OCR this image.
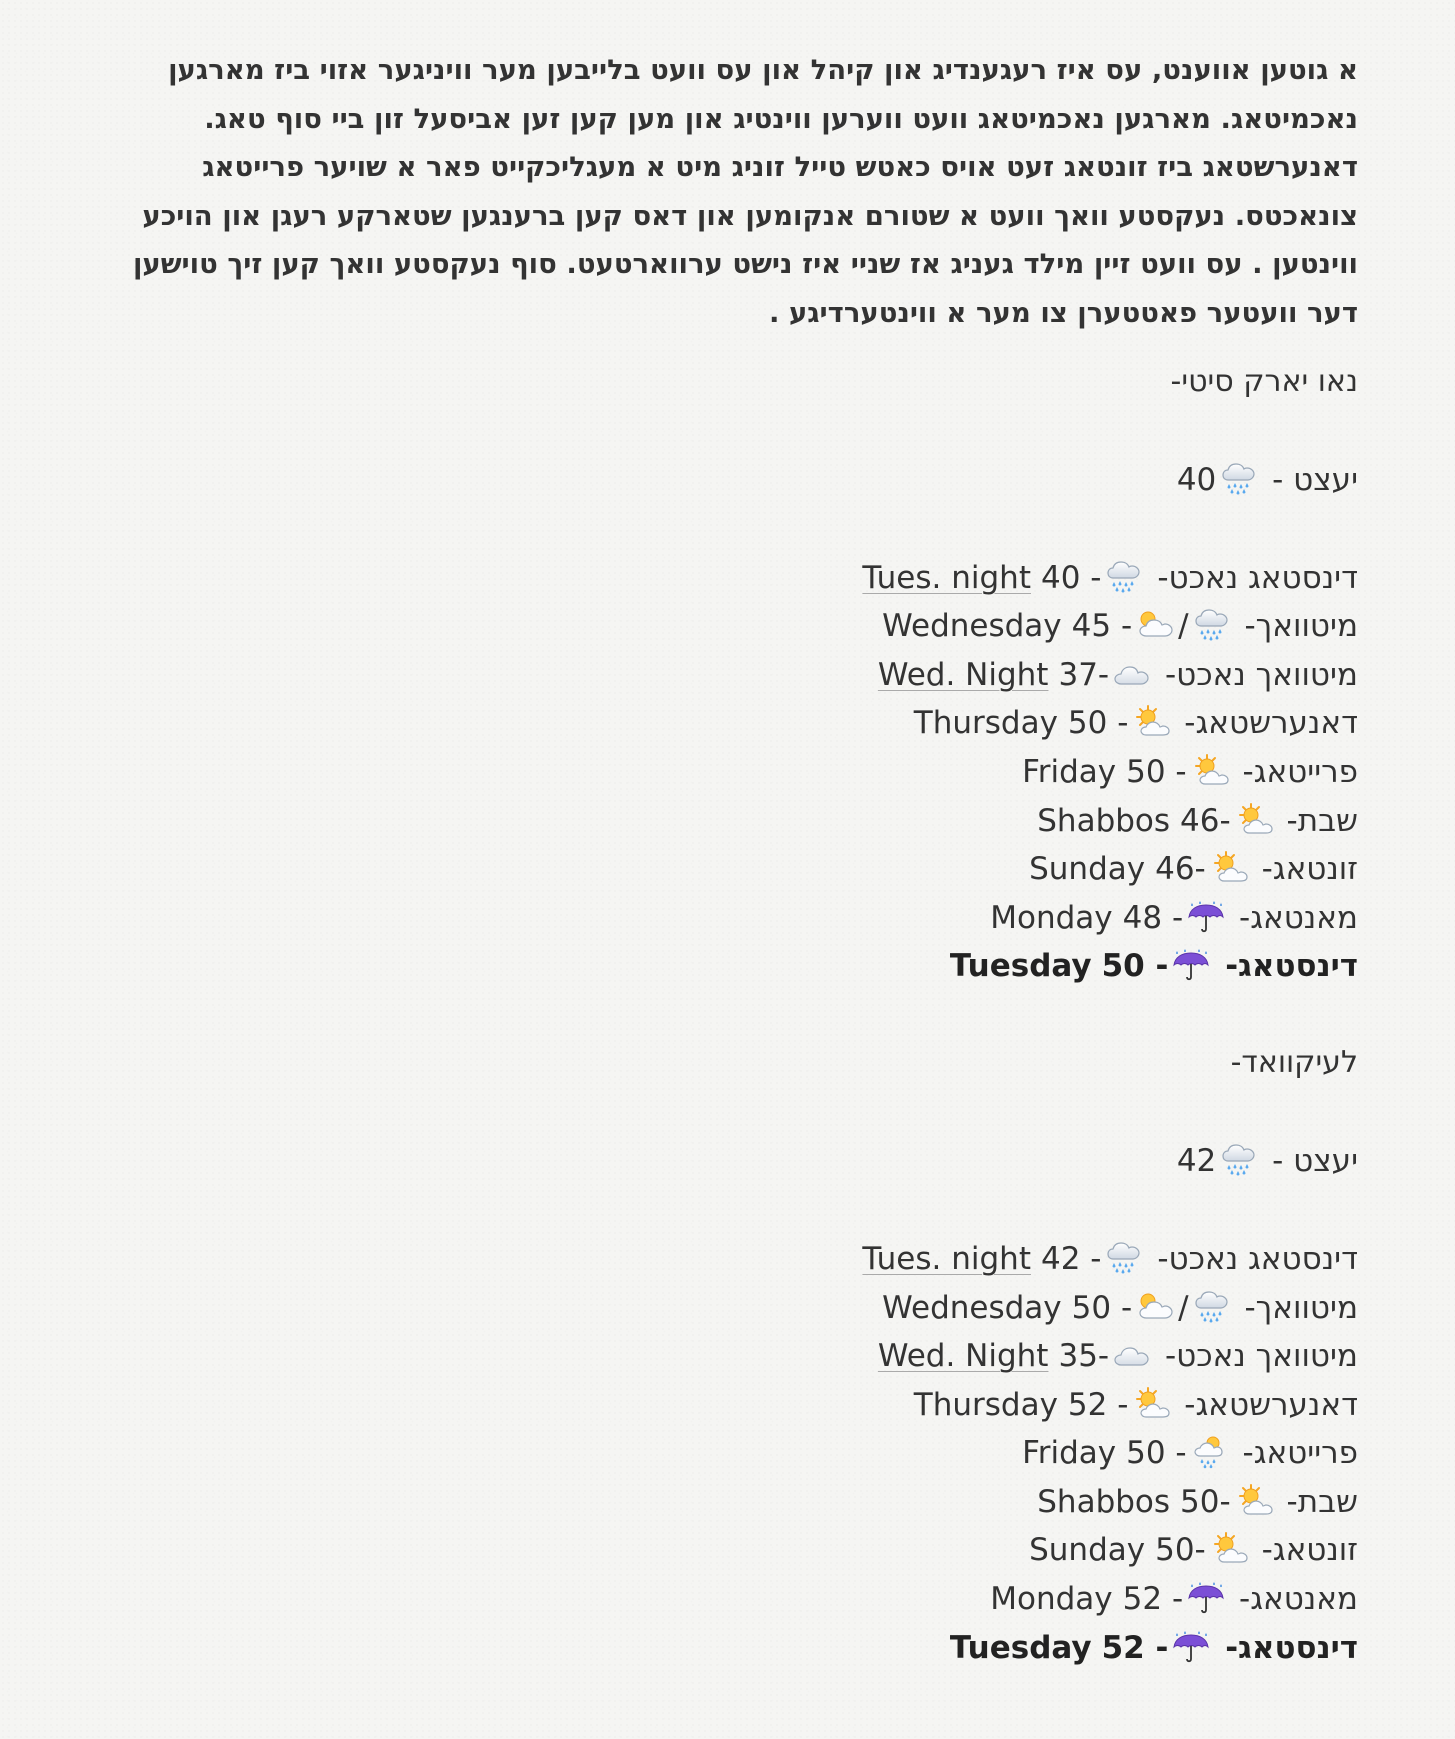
א גוטען אווענט, עס איז רעגענדיג און קיהל און עס וועט בלייבען מער וויניגער אזוי ביז מארגען
נאכמיטאג. מארגען נאכמיטאג וועט ווערען ווינטיג און מען קען זען אביסעל זון ביי סוף טאג.
דאנערשטאג ביז זונטאג זעט אויס כאטש טייל זוניג מיט א מעגליכקייט פאר א שויער פרייטאג
צונאכטס. נעקסטע וואך וועט א שטורם אנקומען און דאס קען ברענגען שטארקע רעגן און הויכע
ווינטען . עס וועט זיין מילד געניג אז שניי איז נישט ערווארטעט. סוף נעקסטע וואך קען זיך טוישען
דער וועטער פאטטערן צו מער א ווינטערדיגע .

נאו יארק סיטי-
יעצט -
40
דינסטאג נאכט-
Tues. night 40 -
מיטוואך-
/
Wednesday 45 -
מיטוואך נאכט-
Wed. Night 37-
דאנערשטאג-
Thursday 50 -
פרייטאג-
Friday 50 -
שבת-
Shabbos 46-
זונטאג-
Sunday 46-
מאנטאג-
Monday 48 -
דינסטאג-
Tuesday 50 -
לעיקוואד-
יעצט -
42
דינסטאג נאכט-
Tues. night 42 -
מיטוואך-
/
Wednesday 50 -
מיטוואך נאכט-
Wed. Night 35-
דאנערשטאג-
Thursday 52 -
פרייטאג-
Friday 50 -
שבת-
Shabbos 50-
זונטאג-
Sunday 50-
מאנטאג-
Monday 52 -
דינסטאג-
Tuesday 52 -
